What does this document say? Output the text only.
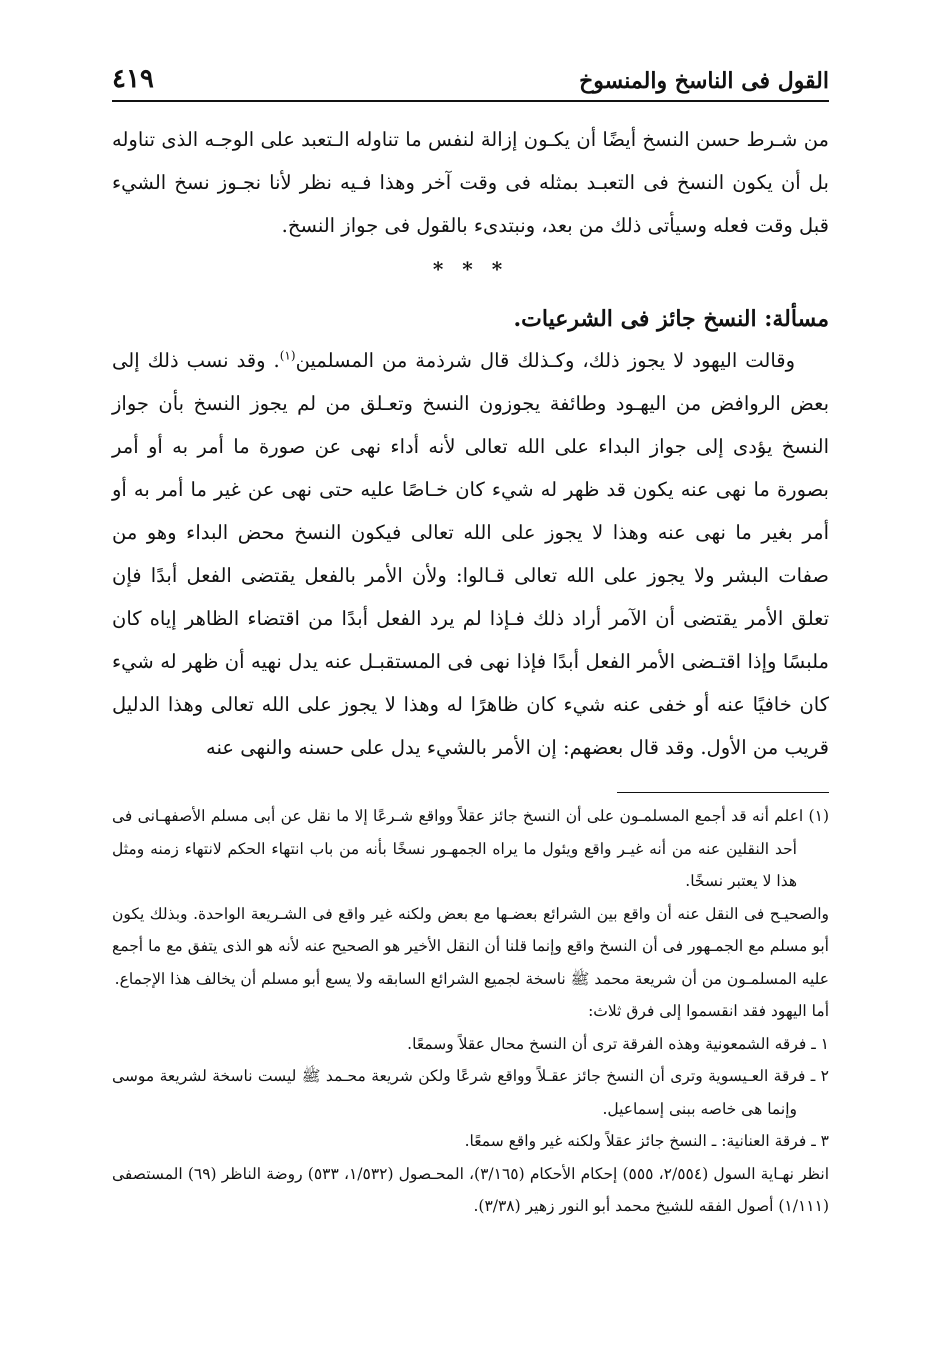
القول فى الناسخ والمنسوخ
٤١٩

من شـرط حسن النسخ أيضًا أن يكـون إزالة لنفس ما تناوله الـتعبد على الوجـه الذى تناوله بل أن يكون النسخ فى التعبـد بمثله فى وقت آخر وهذا فـيه نظر لأنا نجـوز نسخ الشيء قبل وقت فعله وسيأتى ذلك من بعد، ونبتدىء بالقول فى جواز النسخ.

* * *
مسألة: النسخ جائز فى الشرعيات.

وقالت اليهود لا يجوز ذلك، وكـذلك قال شرذمة من المسلمين$^{(١)}$. وقد نسب ذلك إلى بعض الروافض من اليهـود وطائفة يجوزون النسخ وتعـلق من لم يجوز النسخ بأن جواز النسخ يؤدى إلى جواز البداء على الله تعالى لأنه أداء نهى عن صورة ما أمر به أو أمر بصورة ما نهى عنه يكون قد ظهر له شيء كان خـاصًا عليه حتى نهى عن غير ما أمر به أو أمر بغير ما نهى عنه وهذا لا يجوز على الله تعالى فيكون النسخ محض البداء وهو من صفات البشر ولا يجوز على الله تعالى قـالوا: ولأن الأمر بالفعل يقتضى الفعل أبدًا فإن تعلق الأمر يقتضى أن الآمر أراد ذلك فـإذا لم يرد الفعل أبدًا من اقتضاء الظاهر إياه كان ملبسًا وإذا اقتـضى الأمر الفعل أبدًا فإذا نهى فى المستقبـل عنه يدل نهيه أن ظهر له شيء كان خافيًا عنه أو خفى عنه شيء كان ظاهرًا له وهذا لا يجوز على الله تعالى وهذا الدليل قريب من الأول. وقد قال بعضهم: إن الأمر بالشيء يدل على حسنه والنهى عنه

(١) اعلم أنه قد أجمع المسلمـون على أن النسخ جائز عقلاً وواقع شـرعًا إلا ما نقل عن أبى مسلم الأصفهـانى فى أحد النقلين عنه من أنه غيـر واقع ويئول ما يراه الجمهـور نسخًا بأنه من باب انتهاء الحكم لانتهاء زمنه ومثل هذا لا يعتبر نسخًا.

والصحيـح فى النقل عنه أن واقع بين الشرائع بعضـها مع بعض ولكنه غير واقع فى الشـريعة الواحدة. وبذلك يكون أبو مسلم مع الجمـهور فى أن النسخ واقع وإنما قلنا أن النقل الأخير هو الصحيح عنه لأنه هو الذى يتفق مع ما أجمع عليه المسلمـون من أن شريعة محمد ﷺ ناسخة لجميع الشرائع السابقه ولا يسع أبو مسلم أن يخالف هذا الإجماع.

أما اليهود فقد انقسموا إلى فرق ثلاث:

١ ـ فرقه الشمعونية وهذه الفرقة ترى أن النسخ محال عقلاً وسمعًا.

٢ ـ فرقة العـيسوية وترى أن النسخ جائز عقـلاً وواقع شرعًا ولكن شريعة محـمد ﷺ ليست ناسخة لشريعة موسى وإنما هى خاصه ببنى إسماعيل.

٣ ـ فرقة العنانية: ـ النسخ جائز عقلاً ولكنه غير واقع سمعًا.

انظر نهـاية السول (٢/٥٥٤، ٥٥٥) إحكام الأحكام (٣/١٦٥)، المحـصول (١/٥٣٢، ٥٣٣) روضة الناظر (٦٩) المستصفى (١/١١١) أصول الفقه للشيخ محمد أبو النور زهير (٣/٣٨).
